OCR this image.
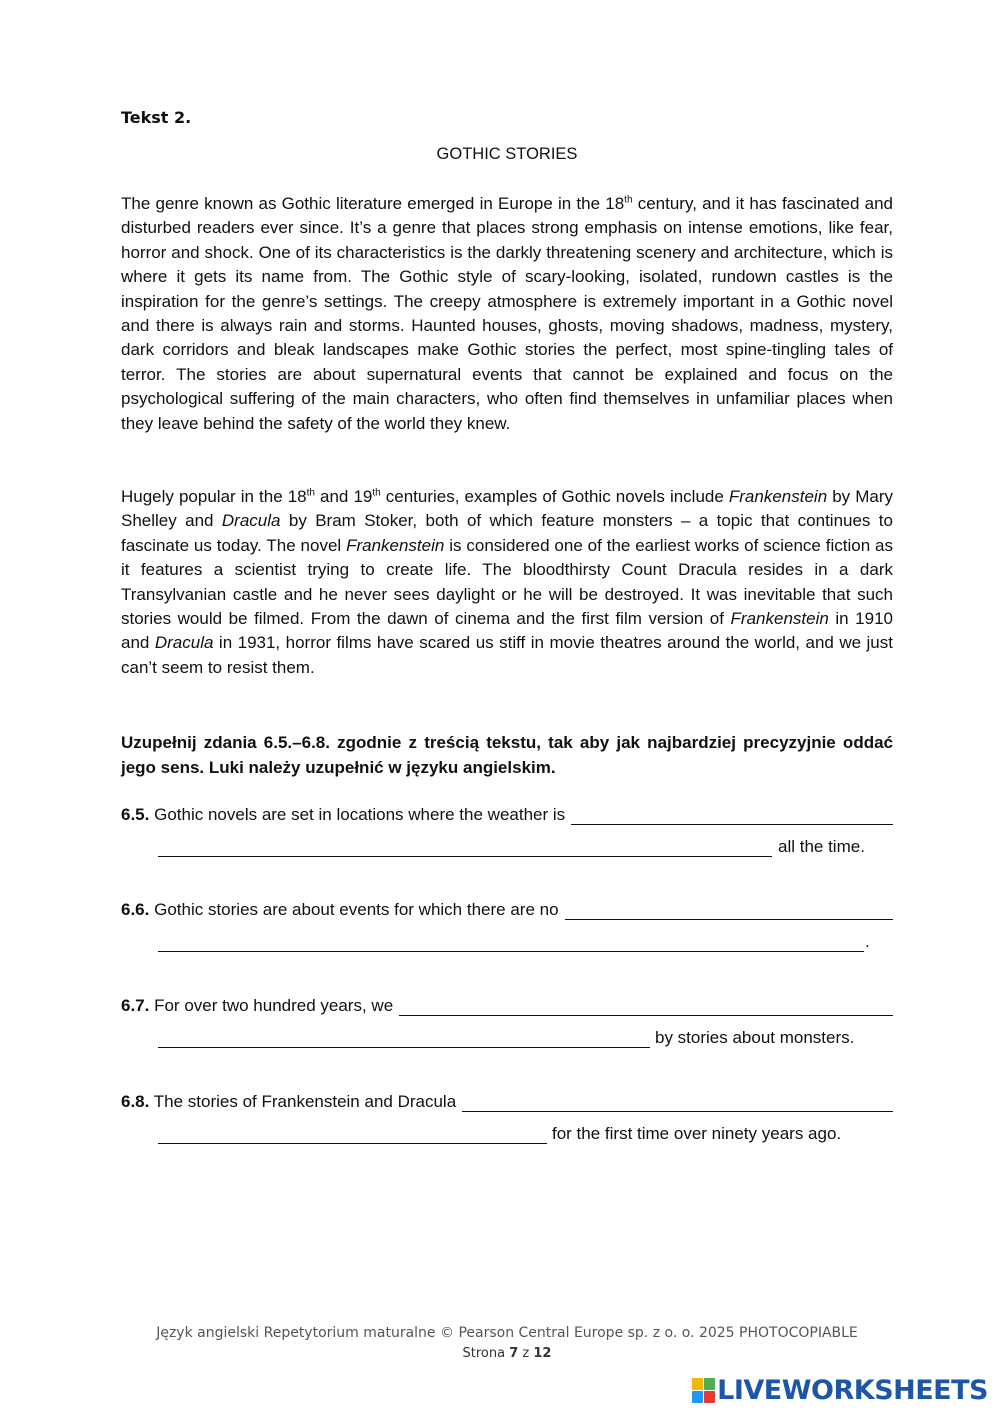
Tekst 2.
GOTHIC STORIES

The genre known as Gothic literature emerged in Europe in the 18th century, and it has fascinated and disturbed readers ever since. It’s a genre that places strong emphasis on intense emotions, like fear, horror and shock. One of its characteristics is the darkly threatening scenery and architecture, which is where it gets its name from. The Gothic style of scary-looking, isolated, rundown castles is the inspiration for the genre’s settings. The creepy atmosphere is extremely important in a Gothic novel and there is always rain and storms. Haunted houses, ghosts, moving shadows, madness, mystery, dark corridors and bleak landscapes make Gothic stories the perfect, most spine-tingling tales of terror. The stories are about supernatural events that cannot be explained and focus on the psychological suffering of the main characters, who often find themselves in unfamiliar places when they leave behind the safety of the world they knew.

Hugely popular in the 18th and 19th centuries, examples of Gothic novels include Frankenstein by Mary Shelley and Dracula by Bram Stoker, both of which feature monsters – a topic that continues to fascinate us today. The novel Frankenstein is considered one of the earliest works of science fiction as it features a scientist trying to create life. The bloodthirsty Count Dracula resides in a dark Transylvanian castle and he never sees daylight or he will be destroyed. It was inevitable that such stories would be filmed. From the dawn of cinema and the first film version of Frankenstein in 1910 and Dracula in 1931, horror films have scared us stiff in movie theatres around the world, and we just can’t seem to resist them.

Uzupełnij zdania 6.5.–6.8. zgodnie z treścią tekstu, tak aby jak najbardziej precyzyjnie oddać jego sens. Luki należy uzupełnić w języku angielskim.

6.5. Gothic novels are set in locations where the weather is
all the time.
6.6. Gothic stories are about events for which there are no
.
6.7. For over two hundred years, we
by stories about monsters.
6.8. The stories of Frankenstein and Dracula
for the first time over ninety years ago.
Język angielski Repetytorium maturalne © Pearson Central Europe sp. z o. o. 2025 PHOTOCOPIABLE
Strona 7 z 12
LIVEWORKSHEETS
